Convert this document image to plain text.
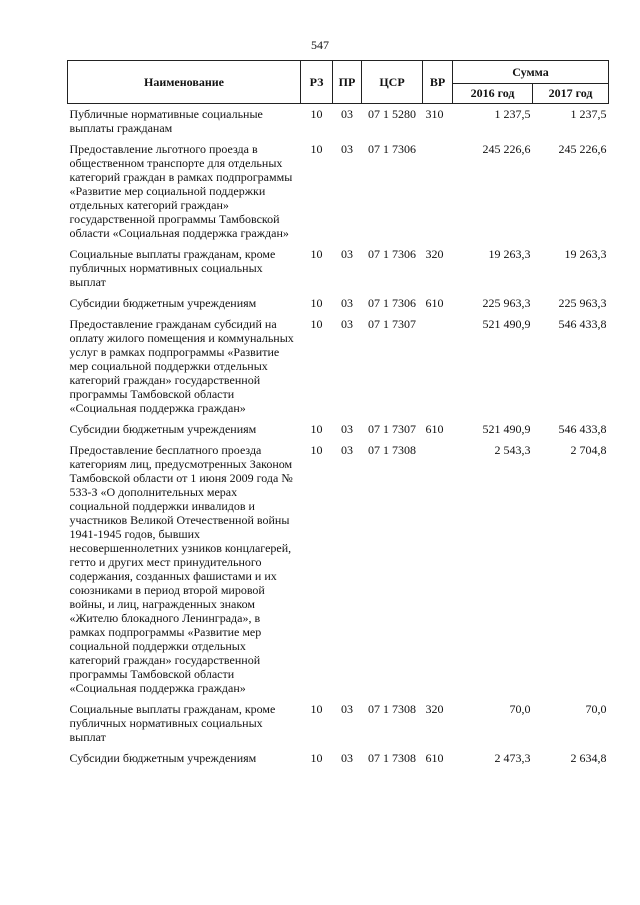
547
Наименование	РЗ	ПР	ЦСР	ВР	Сумма	
					2016 год	2017 год
Публичные нормативные социальные выплаты гражданам	10	03	07 1 5280	310	1 237,5	1 237,5
Предоставление льготного проезда в общественном транспорте для отдельных категорий граждан в рамках подпрограммы «Развитие мер социальной поддержки отдельных категорий граждан» государственной программы Тамбовской области «Социальная поддержка граждан»	10	03	07 1 7306		245 226,6	245 226,6
Социальные выплаты гражданам, кроме публичных нормативных социальных выплат	10	03	07 1 7306	320	19 263,3	19 263,3
Субсидии бюджетным учреждениям	10	03	07 1 7306	610	225 963,3	225 963,3
Предоставление гражданам субсидий на оплату жилого помещения и коммунальных услуг в рамках подпрограммы «Развитие мер социальной поддержки отдельных категорий граждан» государственной программы Тамбовской области «Социальная поддержка граждан»	10	03	07 1 7307		521 490,9	546 433,8
Субсидии бюджетным учреждениям	10	03	07 1 7307	610	521 490,9	546 433,8
Предоставление бесплатного проезда категориям лиц, предусмотренных Законом Тамбовской области от 1 июня 2009 года № 533-З «О дополнительных мерах социальной поддержки инвалидов и участников Великой Отечественной войны 1941-1945 годов, бывших несовершеннолетних узников концлагерей, гетто и других мест принудительного содержания, созданных фашистами и их союзниками в период второй мировой войны, и лиц, награжденных знаком «Жителю блокадного Ленинграда», в рамках подпрограммы «Развитие мер социальной поддержки отдельных категорий граждан» государственной программы Тамбовской области «Социальная поддержка граждан»	10	03	07 1 7308		2 543,3	2 704,8
Социальные выплаты гражданам, кроме публичных нормативных социальных выплат	10	03	07 1 7308	320	70,0	70,0
Субсидии бюджетным учреждениям	10	03	07 1 7308	610	2 473,3	2 634,8
